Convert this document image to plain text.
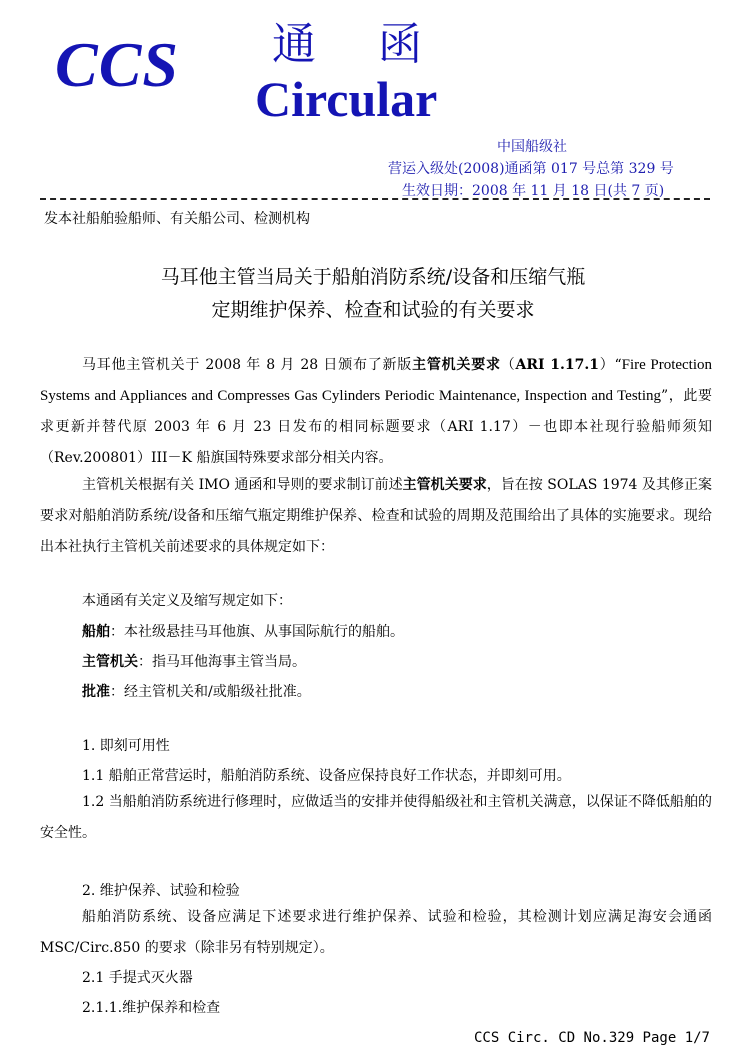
CCS 通函
Circular
中国船级社
营运入级处(2008)通函第 017 号总第 329 号
生效日期：2008 年 11 月 18 日(共 7 页)
发本社船舶验船师、有关船公司、检测机构
马耳他主管当局关于船舶消防系统/设备和压缩气瓶
定期维护保养、检查和试验的有关要求
马耳他主管机关于 2008 年 8 月 28 日颁布了新版主管机关要求（ARI 1.17.1）“Fire Protection Systems and Appliances and Compresses Gas Cylinders Periodic Maintenance, Inspection and Testing”，此要求更新并替代原 2003 年 6 月 23 日发布的相同标题要求（ARI 1.17）－也即本社现行验船师须知（Rev.200801）III－K 船旗国特殊要求部分相关内容。
主管机关根据有关 IMO 通函和导则的要求制订前述主管机关要求，旨在按 SOLAS 1974 及其修正案要求对船舶消防系统/设备和压缩气瓶定期维护保养、检查和试验的周期及范围给出了具体的实施要求。现给出本社执行主管机关前述要求的具体规定如下：
本通函有关定义及缩写规定如下：
船舶：本社级悬挂马耳他旗、从事国际航行的船舶。
主管机关：指马耳他海事主管当局。
批准：经主管机关和/或船级社批准。
1. 即刻可用性
1.1 船舶正常营运时，船舶消防系统、设备应保持良好工作状态，并即刻可用。
1.2 当船舶消防系统进行修理时，应做适当的安排并使得船级社和主管机关满意，以保证不降低船舶的安全性。
2. 维护保养、试验和检验
船舶消防系统、设备应满足下述要求进行维护保养、试验和检验，其检测计划应满足海安会通函 MSC/Circ.850 的要求（除非另有特别规定）。
2.1 手提式灭火器
2.1.1.维护保养和检查
CCS Circ. CD No.329 Page 1/7
